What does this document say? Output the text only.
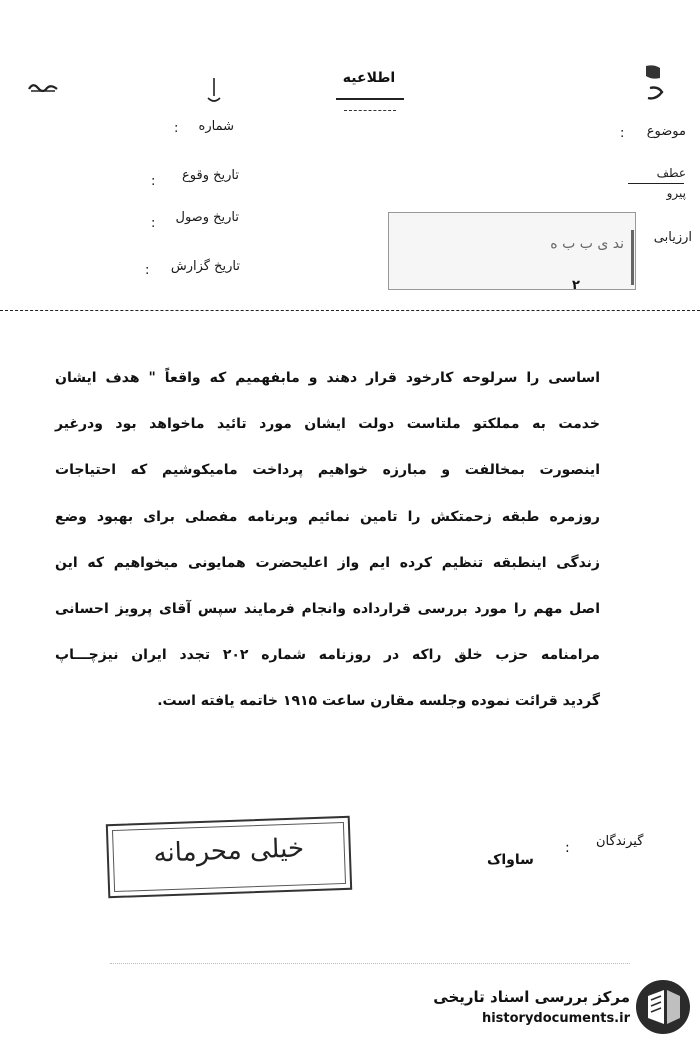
اطلاعیه
شماره
:
تاریخ وقوع
:
تاریخ وصول
:
تاریخ گزارش
:
موضوع
:
عطف
پیرو
ارزیابی
ند ی ب ب ه
۲
اساسی را سرلوحه کارخود قرار دهند و مابفهمیم که واقعاً " هدف ایشان
خدمت به مملکتو ملتاست دولت ایشان مورد تائید ماخواهد بود ودرغیر
اینصورت بمخالفت و مبارزه خواهیم پرداخت مامیکوشیم که احتیاجات
روزمره طبقه زحمتکش را تامین نمائیم وبرنامه مفصلی برای بهبود وضع
زندگی اینطبقه تنظیم کرده ایم واز اعلیحضرت همایونی میخواهیم که این
اصل مهم را مورد بررسی قرارداده وانجام فرمایند سپس آقای پرویز احسانی
مرامنامه حزب خلق راکه در روزنامه شماره ۲۰۲ تجدد ایران نیزچـــاپ
گردید قرائت نموده وجلسه مقارن ساعت ۱۹۱۵ خاتمه یافته است.
گیرندگان
:
ساواک
خیلی محرمانه
مرکز بررسی اسناد تاریخی
historydocuments.ir
